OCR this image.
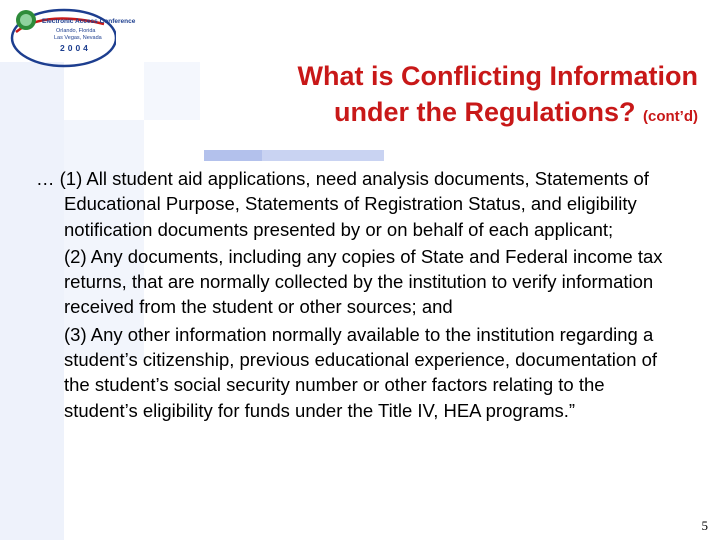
Electronic Access Conference
Orlando, Florida
Las Vegas, Nevada
2004
What is Conflicting Information
under the Regulations? (cont’d)

… (1) All student aid applications, need analysis documents, Statements of Educational Purpose, Statements of Registration Status, and eligibility notification documents presented by or on behalf of each applicant;

(2) Any documents, including any copies of State and Federal income tax returns, that are normally collected by the institution to verify information received from the student or other sources; and

(3) Any other information normally available to the institution regarding a student’s citizenship, previous educational experience, documentation of the student’s social security number or other factors relating to the student’s eligibility for funds under the Title IV, HEA programs.”

5
